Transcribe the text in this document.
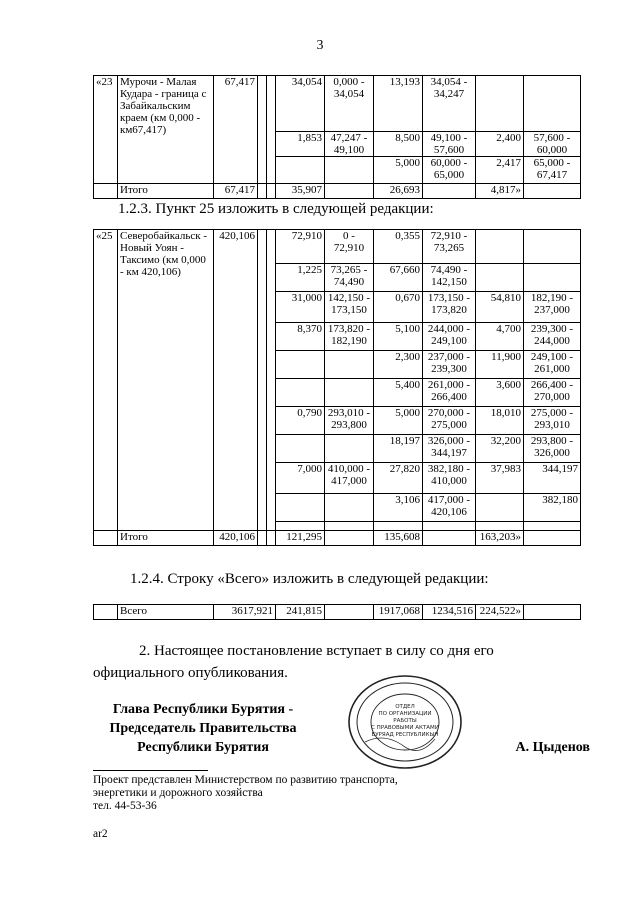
3
«23	Мурочи - Малая Кудара - граница с Забайкальским краем (км 0,000 - км67,417)	67,417			34,054	0,000 - 34,054	13,193	34,054 - 34,247		
					1,853	47,247 - 49,100	8,500	49,100 - 57,600	2,400	57,600 - 60,000
							5,000	60,000 - 65,000	2,417	65,000 - 67,417
	Итого	67,417			35,907		26,693		4,817»	
1.2.3. Пункт 25 изложить в следующей редакции:
«25	Северобайкальск - Новый Уоян - Таксимо (км 0,000 - км 420,106)	420,106			72,910	0 - 72,910	0,355	72,910 - 73,265		
					1,225	73,265 - 74,490	67,660	74,490 - 142,150		
					31,000	142,150 - 173,150	0,670	173,150 - 173,820	54,810	182,190 - 237,000
					8,370	173,820 - 182,190	5,100	244,000 - 249,100	4,700	239,300 - 244,000
							2,300	237,000 - 239,300	11,900	249,100 - 261,000
							5,400	261,000 - 266,400	3,600	266,400 - 270,000
					0,790	293,010 - 293,800	5,000	270,000 - 275,000	18,010	275,000 - 293,010
							18,197	326,000 - 344,197	32,200	293,800 - 326,000
					7,000	410,000 - 417,000	27,820	382,180 - 410,000	37,983	344,197
							3,106	417,000 - 420,106		382,180

	Итого	420,106			121,295		135,608		163,203»	
1.2.4. Строку «Всего» изложить в следующей редакции:
	Всего	3617,921	241,815		1917,068	1234,516	224,522»	
2. Настоящее постановление вступает в силу со дня его официального опубликования.
Глава Республики Бурятия -
Председатель Правительства
Республики Бурятия	А. Цыденов
ОТДЕЛ
ПО ОРГАНИЗАЦИИ
РАБОТЫ
С ПРАВОВЫМИ АКТАМИ
БУРЯАД РЕСПУБЛИКЫН
Проект представлен Министерством по развитию транспорта,
энергетики и дорожного хозяйства
тел. 44-53-36
ar2
